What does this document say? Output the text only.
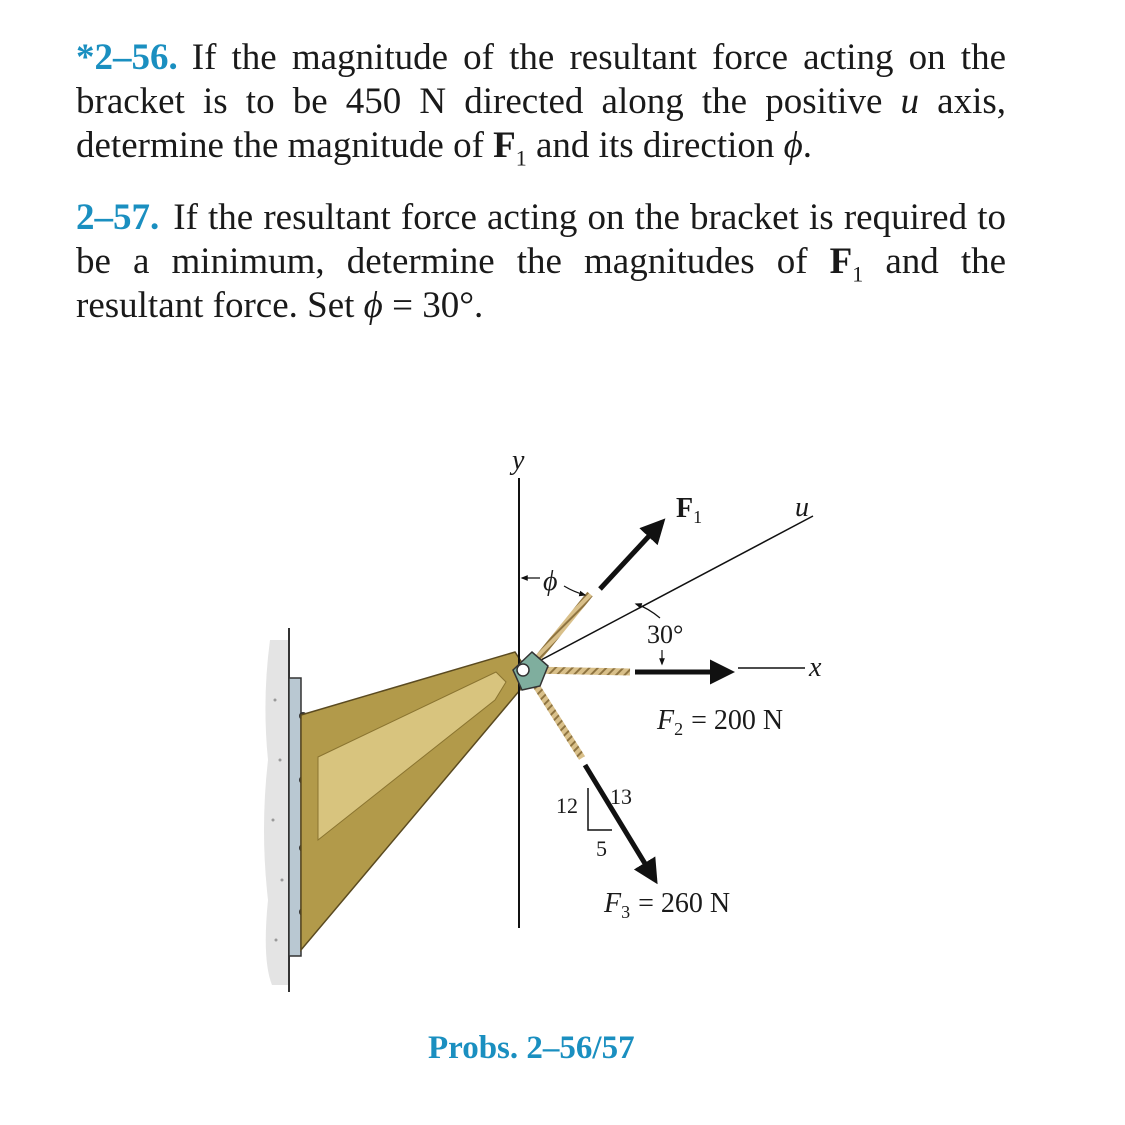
*2–56. If the magnitude of the resultant force acting on the bracket is to be 450 N directed along the positive u axis, determine the magnitude of $F_1$ and its direction ϕ.

2–57. If the resultant force acting on the bracket is required to be a minimum, determine the magnitudes of $F_1$ and the resultant force. Set ϕ = 30°.

y
u
x
$F_1$
ϕ
30°
$F_2 = 200$ N
12 13
5
$F_3 = 260$ N
Probs. 2–56/57
